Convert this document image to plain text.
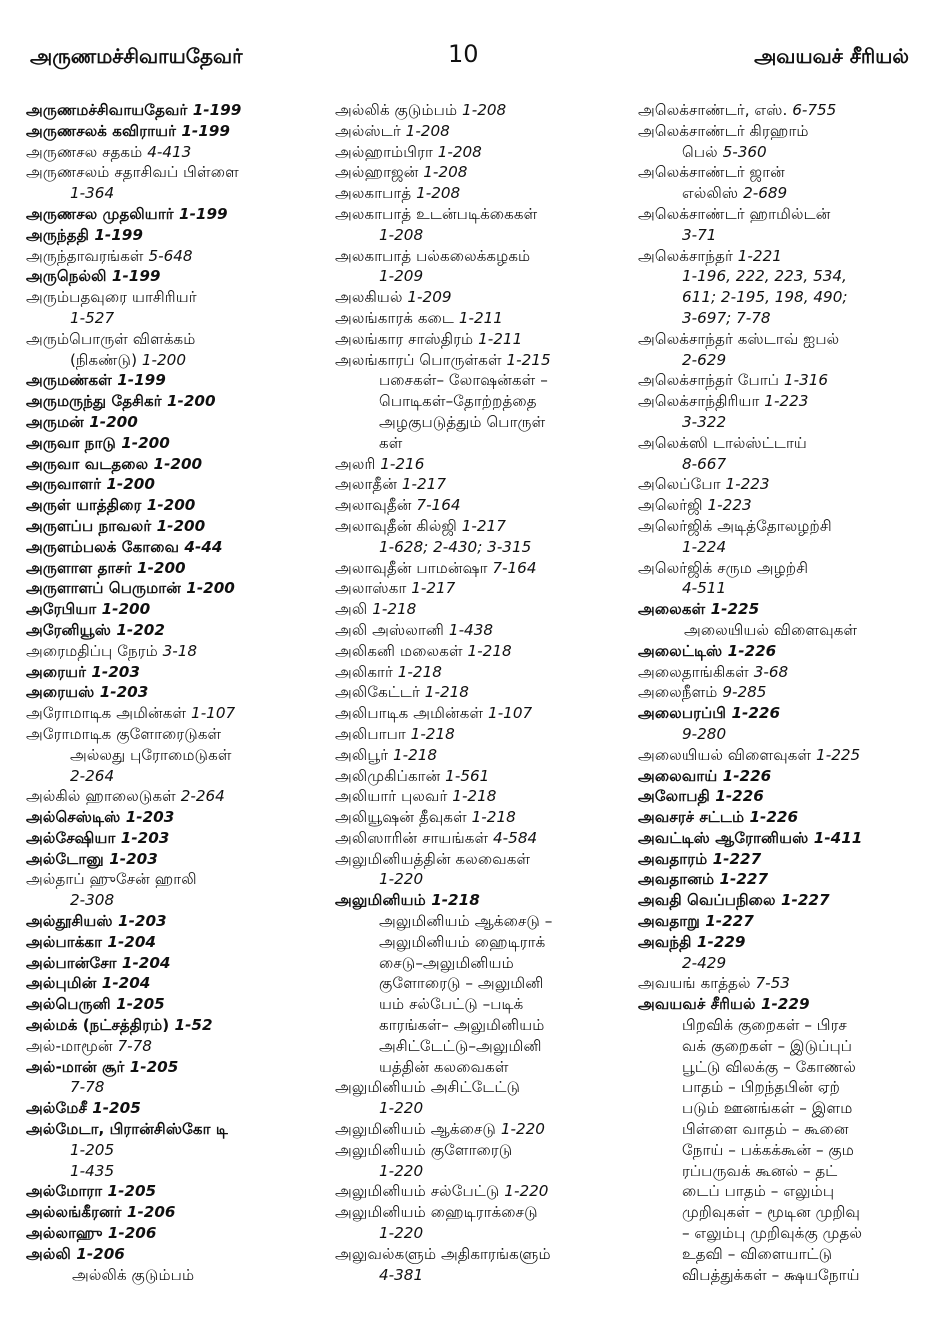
அருணமச்சிவாயதேவர்	10	அவயவச் சீரியல்
அருணமச்சிவாயதேவர் 1-199
அருணசலக் கவிராயர் 1-199
அருணசல சதகம் 4-413
அருணசலம் சதாசிவப் பிள்ளை
1-364
அருணசல முதலியார் 1-199
அருந்ததி 1-199
அருந்தாவரங்கள் 5-648
அருநெல்லி 1-199
அரும்பதவுரை யாசிரியர்
1-527
அரும்பொருள் விளக்கம்
(நிகண்டு) 1-200
அருமண்கள் 1-199
அருமருந்து தேசிகர் 1-200
அருமன் 1-200
அருவா நாடு 1-200
அருவா வடதலை 1-200
அருவாளர் 1-200
அருள் யாத்திரை 1-200
அருளப்ப நாவலர் 1-200
அருளம்பலக் கோவை 4-44
அருளாள தாசர் 1-200
அருளாளப் பெருமான் 1-200
அரேபியா 1-200
அரேனியூஸ் 1-202
அரைமதிப்பு நேரம் 3-18
அரையர் 1-203
அரையஸ் 1-203
அரோமாடிக அமின்கள் 1-107
அரோமாடிக குளோரைடுகள்
அல்லது புரோமைடுகள்
2-264
அல்கில் ஹாலைடுகள் 2-264
அல்செஸ்டிஸ் 1-203
அல்சேஷியா 1-203
அல்டோனு 1-203
அல்தாப் ஹுசேன் ஹாலி
2-308
அல்தூசியஸ் 1-203
அல்பாக்கா 1-204
அல்பான்சோ 1-204
அல்புமின் 1-204
அல்பெருனி 1-205
அல்மக் (நட்சத்திரம்) 1-52
அல்-மாமூன் 7-78
அல்-மான் சூர் 1-205
7-78
அல்மேசீ 1-205
அல்மேடா, பிரான்சிஸ்கோ டி
1-205
1-435
அல்மோரா 1-205
அல்லங்கீரனர் 1-206
அல்லாஹு 1-206
அல்லி 1-206
அல்லிக் குடும்பம்
அல்லிக் குடும்பம் 1-208
அல்ஸ்டர் 1-208
அல்ஹாம்பிரா 1-208
அல்ஹாஜன் 1-208
அலகாபாத் 1-208
அலகாபாத் உடன்படிக்கைகள்
1-208
அலகாபாத் பல்கலைக்கழகம்
1-209
அலகியல் 1-209
அலங்காரக் கடை 1-211
அலங்கார சாஸ்திரம் 1-211
அலங்காரப் பொருள்கள் 1-215
பசைகள்– லோஷன்கள் –
பொடிகள்–தோற்றத்தை
அழகுபடுத்தும் பொருள்
கள்
அலரி 1-216
அலாதீன் 1-217
அலாவுதீன் 7-164
அலாவுதீன் கில்ஜி 1-217
1-628; 2-430; 3-315
அலாவுதீன் பாமன்ஷா 7-164
அலாஸ்கா 1-217
அலி 1-218
அலி அஸ்லானி 1-438
அலிகனி மலைகள் 1-218
அலிகார் 1-218
அலிகேட்டர் 1-218
அலிபாடிக அமின்கள் 1-107
அலிபாபா 1-218
அலிபூர் 1-218
அலிமுகிப்கான் 1-561
அலியார் புலவர் 1-218
அலியூஷன் தீவுகள் 1-218
அலிஸாரின் சாயங்கள் 4-584
அலுமினியத்தின் கலவைகள்
1-220
அலுமினியம் 1-218
அலுமினியம் ஆக்சைடு –
அலுமினியம் ஹைடிராக்
சைடு–அலுமினியம்
குளோரைடு – அலுமினி
யம் சல்பேட்டு –படிக்
காரங்கள்– அலுமினியம்
அசிட்டேட்டு–அலுமினி
யத்தின் கலவைகள்
அலுமினியம் அசிட்டேட்டு
1-220
அலுமினியம் ஆக்சைடு 1-220
அலுமினியம் குளோரைடு
1-220
அலுமினியம் சல்பேட்டு 1-220
அலுமினியம் ஹைடிராக்சைடு
1-220
அலுவல்களும் அதிகாரங்களும்
4-381
அலெக்சாண்டர், எஸ். 6-755
அலெக்சாண்டர் கிரஹாம்
பெல் 5-360
அலெக்சாண்டர் ஜான்
எல்லிஸ் 2-689
அலெக்சாண்டர் ஹாமில்டன்
3-71
அலெக்சாந்தர் 1-221
1-196, 222, 223, 534,
611; 2-195, 198, 490;
3-697; 7-78
அலெக்சாந்தர் கஸ்டாவ் ஐபல்
2-629
அலெக்சாந்தர் போப் 1-316
அலெக்சாந்திரியா 1-223
3-322
அலெக்ஸி டால்ஸ்ட்டாய்
8-667
அலெப்போ 1-223
அலெர்ஜி 1-223
அலெர்ஜிக் அடித்தோலழற்சி
1-224
அலெர்ஜிக் சரும அழற்சி
4-511
அலைகள் 1-225
அலையியல் விளைவுகள்
அலைட்டிஸ் 1-226
அலைதாங்கிகள் 3-68
அலைநீளம் 9-285
அலைபரப்பி 1-226
9-280
அலையியல் விளைவுகள் 1-225
அலைவாய் 1-226
அலோபதி 1-226
அவசரச் சட்டம் 1-226
அவட்டிஸ் ஆரோனியஸ் 1-411
அவதாரம் 1-227
அவதானம் 1-227
அவதி வெப்பநிலை 1-227
அவதாறு 1-227
அவந்தி 1-229
2-429
அவயங் காத்தல் 7-53
அவயவச் சீரியல் 1-229
பிறவிக் குறைகள் – பிரச
வக் குறைகள் – இடுப்புப்
பூட்டு விலக்கு – கோணல்
பாதம் – பிறந்தபின் ஏற்
படும் ஊனங்கள் – இளம
பிள்ளை வாதம் – கூனை
நோய் – பக்கக்கூன் – கும
ரப்பருவக் கூனல் – தட்
டைப் பாதம் – எலும்பு
முறிவுகள் – மூடின முறிவு
– எலும்பு முறிவுக்கு முதல்
உதவி – விளையாட்டு
விபத்துக்கள் – க்ஷயநோய்
